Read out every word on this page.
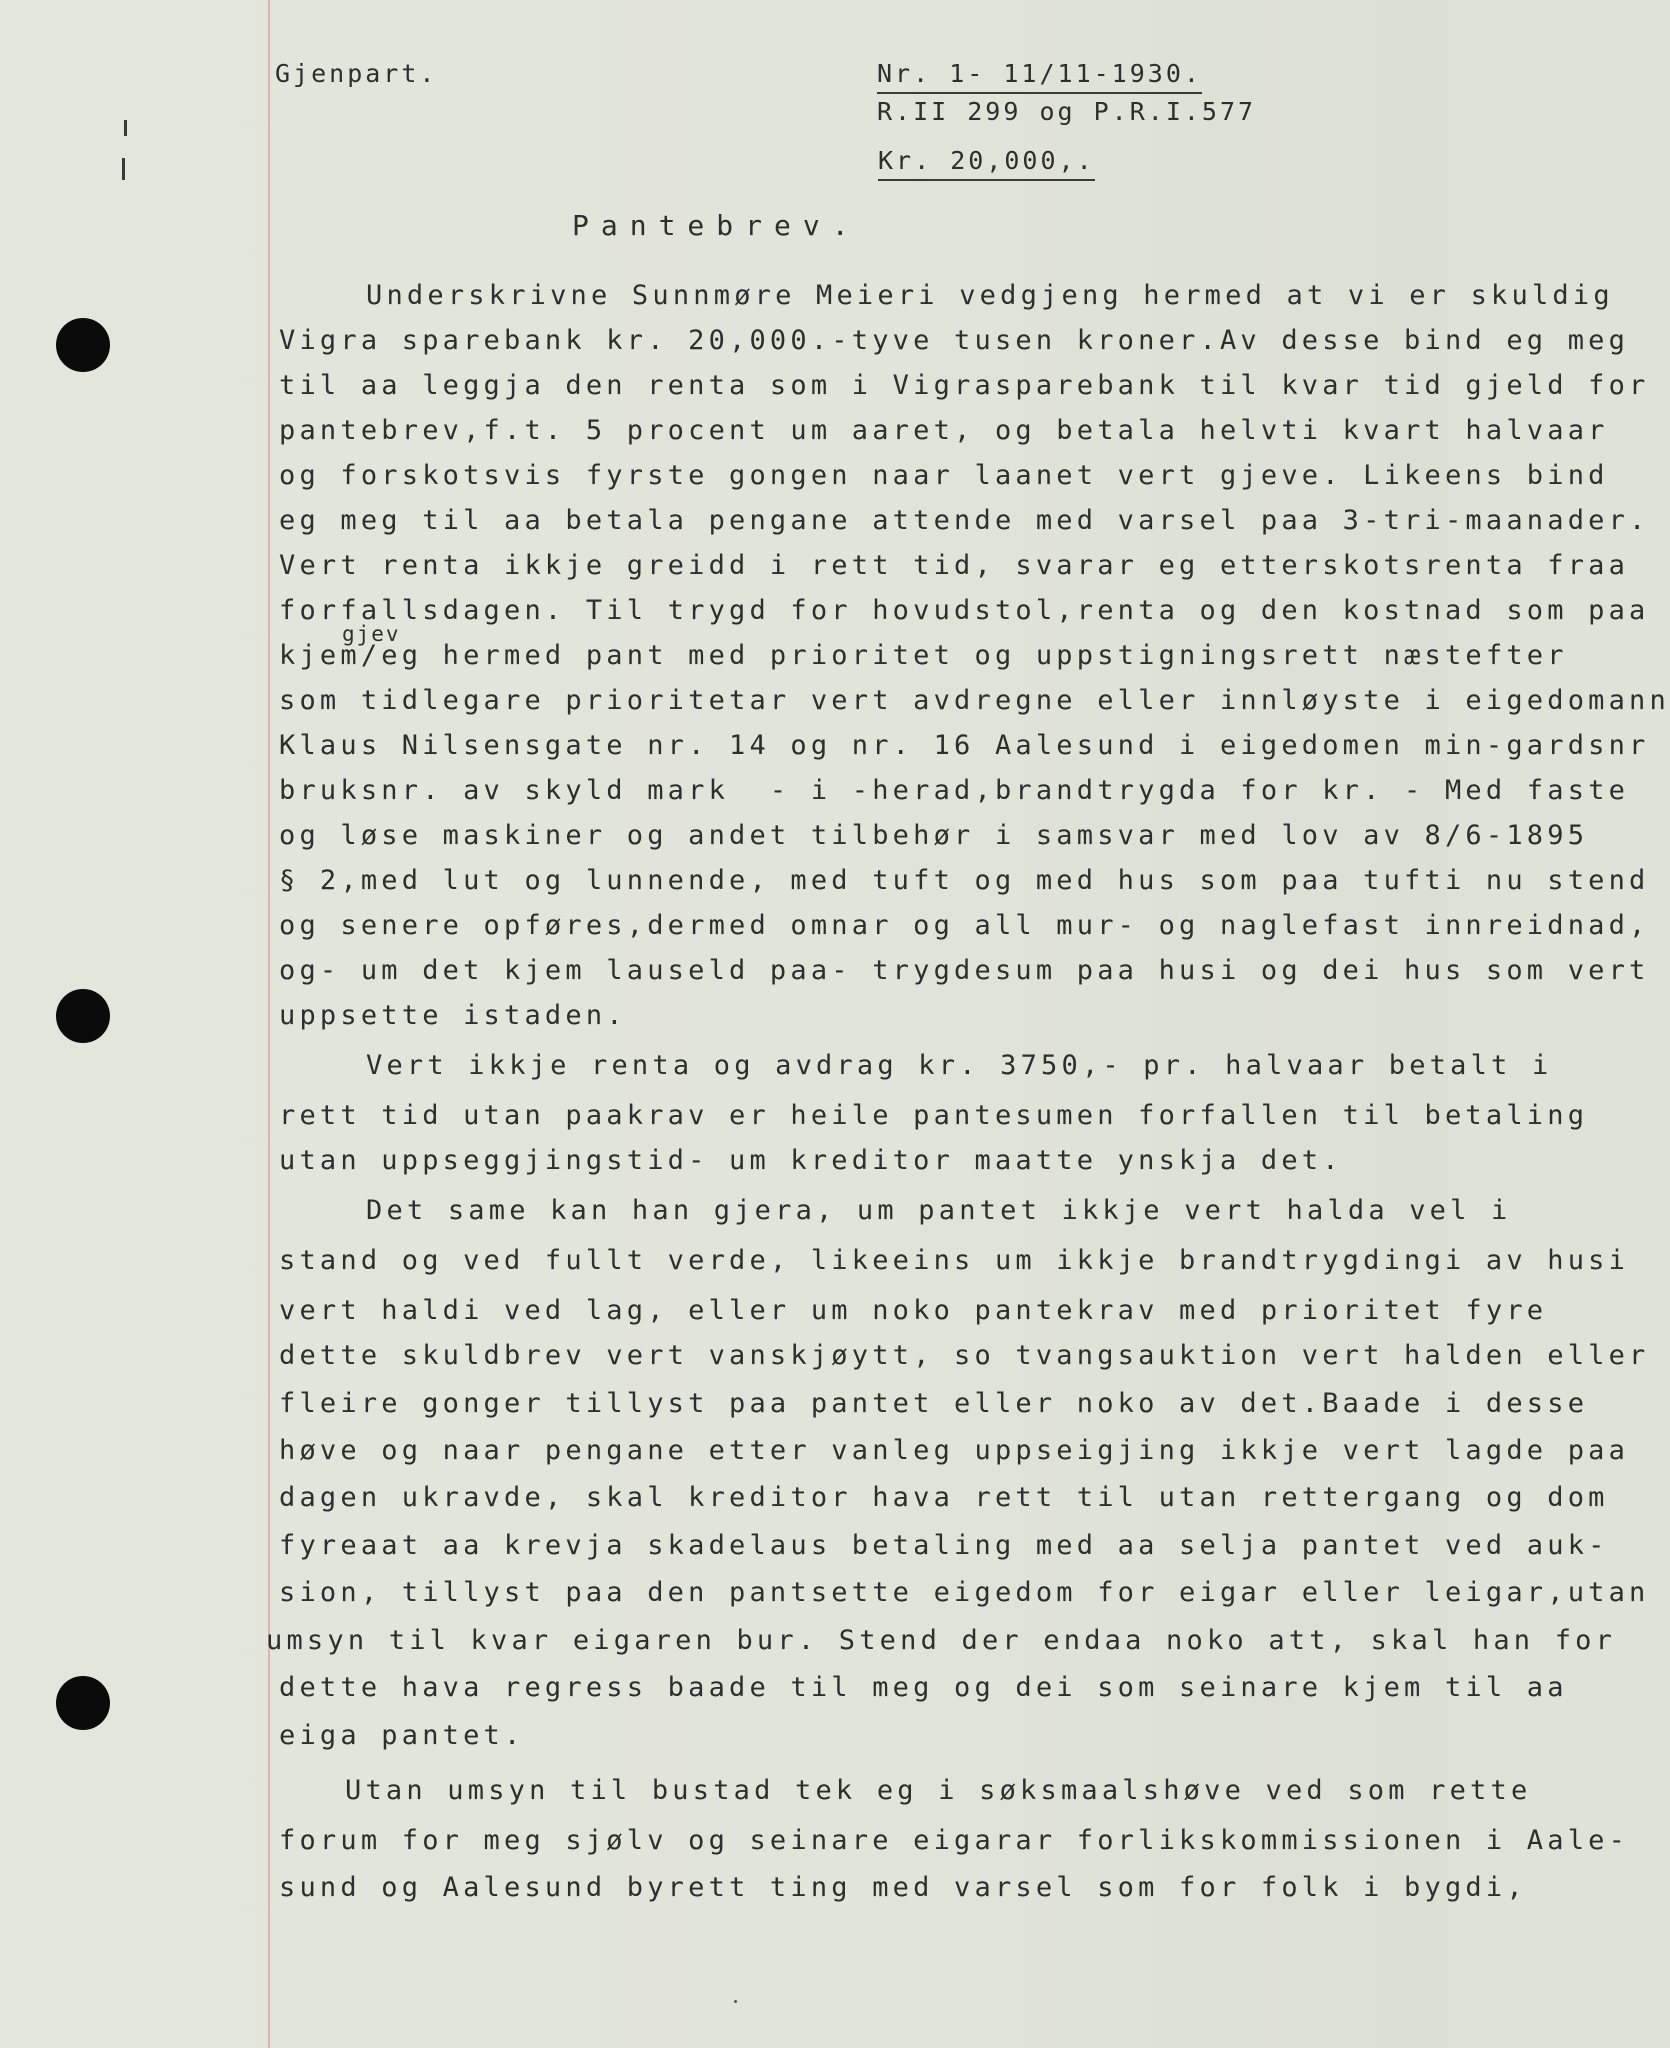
Gjenpart.	Nr. 1- 11/11-1930.
R.II 299 og P.R.I.577
Kr. 20,000,.
Pantebrev.
Underskrivne Sunnmøre Meieri vedgjeng hermed at vi er skuldig
Vigra sparebank kr. 20,000.-tyve tusen kroner.Av desse bind eg meg
til aa leggja den renta som i Vigrasparebank til kvar tid gjeld for
pantebrev,f.t. 5 procent um aaret, og betala helvti kvart halvaar
og forskotsvis fyrste gongen naar laanet vert gjeve. Likeens bind
eg meg til aa betala pengane attende med varsel paa 3-tri-maanader.
Vert renta ikkje greidd i rett tid, svarar eg etterskotsrenta fraa
forfallsdagen. Til trygd for hovudstol,renta og den kostnad som paa
gjev
kjem/eg hermed pant med prioritet og uppstigningsrett næstefter
som tidlegare prioritetar vert avdregne eller innløyste i eigedomann
Klaus Nilsensgate nr. 14 og nr. 16 Aalesund i eigedomen min-gardsnr
bruksnr. av skyld mark  - i -herad,brandtrygda for kr. - Med faste
og løse maskiner og andet tilbehør i samsvar med lov av 8/6-1895
§ 2,med lut og lunnende, med tuft og med hus som paa tufti nu stend
og senere opføres,dermed omnar og all mur- og naglefast innreidnad,
og- um det kjem lauseld paa- trygdesum paa husi og dei hus som vert
uppsette istaden.
Vert ikkje renta og avdrag kr. 3750,- pr. halvaar betalt i
rett tid utan paakrav er heile pantesumen forfallen til betaling
utan uppseggjingstid- um kreditor maatte ynskja det.
Det same kan han gjera, um pantet ikkje vert halda vel i
stand og ved fullt verde, likeeins um ikkje brandtrygdingi av husi
vert haldi ved lag, eller um noko pantekrav med prioritet fyre
dette skuldbrev vert vanskjøytt, so tvangsauktion vert halden eller
fleire gonger tillyst paa pantet eller noko av det.Baade i desse
høve og naar pengane etter vanleg uppseigjing ikkje vert lagde paa
dagen ukravde, skal kreditor hava rett til utan rettergang og dom
fyreaat aa krevja skadelaus betaling med aa selja pantet ved auk-
sion, tillyst paa den pantsette eigedom for eigar eller leigar,utan
umsyn til kvar eigaren bur. Stend der endaa noko att, skal han for
dette hava regress baade til meg og dei som seinare kjem til aa
eiga pantet.
Utan umsyn til bustad tek eg i søksmaalshøve ved som rette
forum for meg sjølv og seinare eigarar forlikskommissionen i Aale-
sund og Aalesund byrett ting med varsel som for folk i bygdi,
